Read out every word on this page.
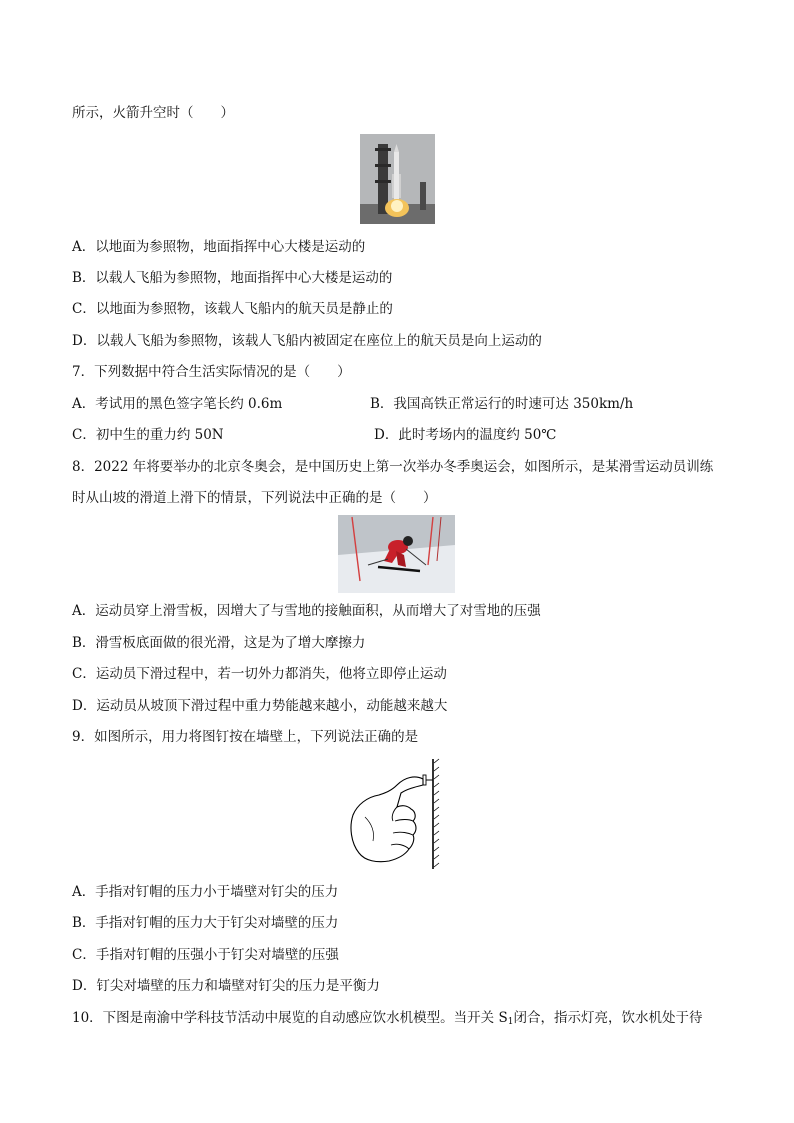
所示，火箭升空时（　　）
A．以地面为参照物，地面指挥中心大楼是运动的
B．以载人飞船为参照物，地面指挥中心大楼是运动的
C．以地面为参照物，该载人飞船内的航天员是静止的
D．以载人飞船为参照物，该载人飞船内被固定在座位上的航天员是向上运动的
7．下列数据中符合生活实际情况的是（　　）
A．考试用的黑色签字笔长约 0.6m	B．我国高铁正常运行的时速可达 350km/h
C．初中生的重力约 50N	D．此时考场内的温度约 50℃
8．2022 年将要举办的北京冬奥会，是中国历史上第一次举办冬季奥运会，如图所示，是某滑雪运动员训练
时从山坡的滑道上滑下的情景，下列说法中正确的是（　　）
A．运动员穿上滑雪板，因增大了与雪地的接触面积，从而增大了对雪地的压强
B．滑雪板底面做的很光滑，这是为了增大摩擦力
C．运动员下滑过程中，若一切外力都消失，他将立即停止运动
D．运动员从坡顶下滑过程中重力势能越来越小，动能越来越大
9．如图所示，用力将图钉按在墙壁上，下列说法正确的是
A．手指对钉帽的压力小于墙壁对钉尖的压力
B．手指对钉帽的压力大于钉尖对墙壁的压力
C．手指对钉帽的压强小于钉尖对墙壁的压强
D．钉尖对墙壁的压力和墙壁对钉尖的压力是平衡力
10．下图是南渝中学科技节活动中展览的自动感应饮水机模型。当开关 $S_1$闭合，指示灯亮，饮水机处于待
